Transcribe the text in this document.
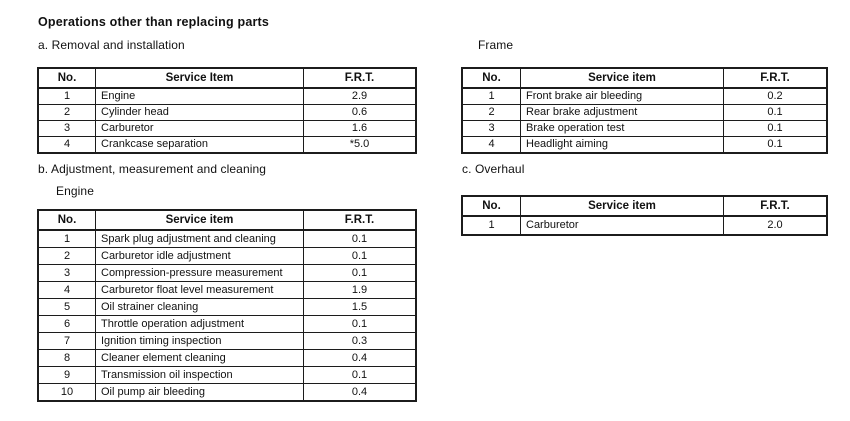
Operations other than replacing parts
a. Removal and installation	Frame
No.	Service Item	F.R.T.
1	Engine	2.9
2	Cylinder head	0.6
3	Carburetor	1.6
4	Crankcase separation	*5.0
No.	Service item	F.R.T.
1	Front brake air bleeding	0.2
2	Rear brake adjustment	0.1
3	Brake operation test	0.1
4	Headlight aiming	0.1
b. Adjustment, measurement and cleaning
Engine
No.	Service item	F.R.T.
1	Spark plug adjustment and cleaning	0.1
2	Carburetor idle adjustment	0.1
3	Compression-pressure measurement	0.1
4	Carburetor float level measurement	1.9
5	Oil strainer cleaning	1.5
6	Throttle operation adjustment	0.1
7	Ignition timing inspection	0.3
8	Cleaner element cleaning	0.4
9	Transmission oil inspection	0.1
10	Oil pump air bleeding	0.4
c. Overhaul
No.	Service item	F.R.T.
1	Carburetor	2.0
